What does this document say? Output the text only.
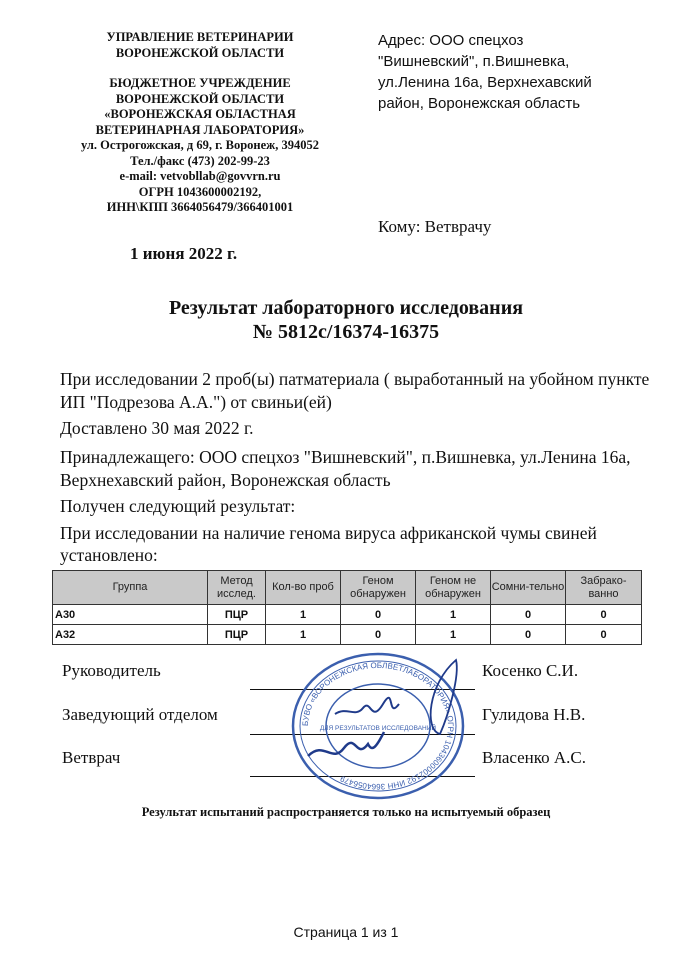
УПРАВЛЕНИЕ ВЕТЕРИНАРИИ
ВОРОНЕЖСКОЙ ОБЛАСТИ
БЮДЖЕТНОЕ УЧРЕЖДЕНИЕ
ВОРОНЕЖСКОЙ ОБЛАСТИ
«ВОРОНЕЖСКАЯ ОБЛАСТНАЯ
ВЕТЕРИНАРНАЯ ЛАБОРАТОРИЯ»
ул. Острогожская, д 69, г. Воронеж, 394052
Тел./факс (473) 202-99-23
e-mail: vetvobllab@govvrn.ru
ОГРН 1043600002192,
ИНН\КПП 3664056479/366401001
Адрес: ООО спецхоз
"Вишневский", п.Вишневка,
ул.Ленина 16а, Верхнехавский
район, Воронежская область
Кому: Ветврачу
1 июня 2022 г.
Результат лабораторного исследования
№ 5812с/16374-16375
При исследовании 2 проб(ы) патматериала ( выработанный на убойном пункте ИП "Подрезова А.А.") от свиньи(ей)
Доставлено 30 мая 2022 г.
Принадлежащего: ООО спецхоз "Вишневский", п.Вишневка, ул.Ленина 16а, Верхнехавский район, Воронежская область
Получен следующий результат:
При исследовании на наличие генома вируса африканской чумы свиней установлено:
Группа	Метод исслед.	Кол-во проб	Геном обнаружен	Геном не обнаружен	Сомни-тельно	Забрако-ванно
А30	ПЦР	1	0	1	0	0
А32	ПЦР	1	0	1	0	0
Руководитель	Косенко С.И.
Заведующий отделом	Гулидова Н.В.
Ветврач	Власенко А.С.
БУВО «ВОРОНЕЖСКАЯ ОБЛВЕТЛАБОРАТОРИЯ» ОГРН 1043600002192 ИНН 3664056479
ДЛЯ РЕЗУЛЬТАТОВ ИССЛЕДОВАНИЙ
Результат испытаний распространяется только на испытуемый образец
Страница 1 из 1
